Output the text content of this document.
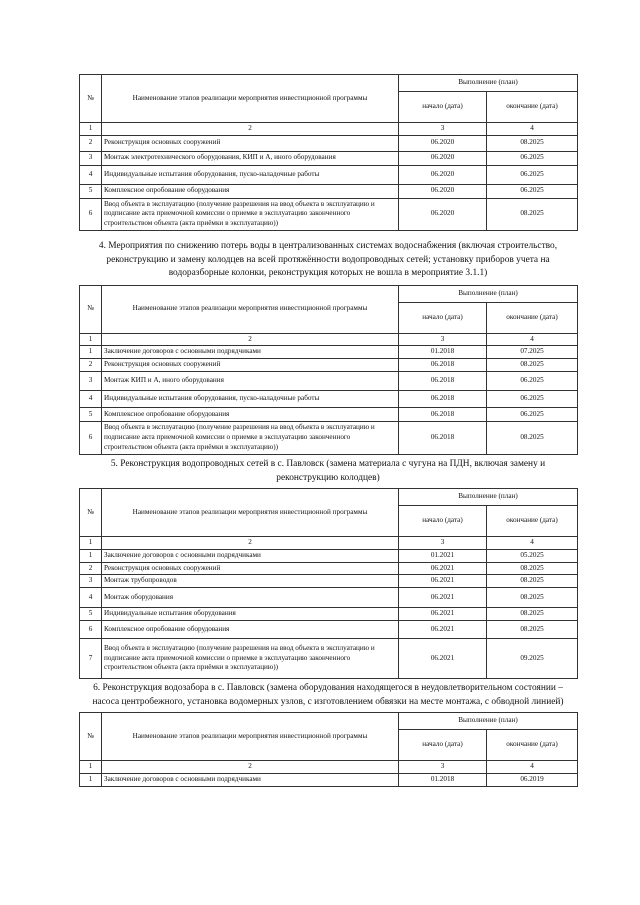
№	Наименование этапов реализации мероприятия инвестиционной программы	Выполнение (план)	
		начало (дата)	окончание (дата)
1	2	3	4
2	Реконструкция основных сооружений	06.2020	08.2025
3	Монтаж электротехнического оборудования, КИП и А, иного оборудования	06.2020	06.2025
4	Индивидуальные испытания оборудования, пуско-наладочные работы	06.2020	06.2025
5	Комплексное опробование оборудования	06.2020	06.2025
6	Ввод объекта в эксплуатацию (получение разрешения на ввод объекта в эксплуатацию и подписание акта приемочной комиссии о приемке в эксплуатацию законченного строительством объекта (акта приёмки в эксплуатацию))	06.2020	08.2025

4. Мероприятия по снижению потерь воды в централизованных системах водоснабжения (включая строительство, реконструкцию и замену колодцев на всей протяжённости водопроводных сетей; установку приборов учета на водоразборные колонки, реконструкция которых не вошла в мероприятие 3.1.1)

№	Наименование этапов реализации мероприятия инвестиционной программы	Выполнение (план)	
		начало (дата)	окончание (дата)
1	2	3	4
1	Заключение договоров с основными подрядчиками	01.2018	07.2025
2	Реконструкция основных сооружений	06.2018	08.2025
3	Монтаж КИП и А, иного оборудования	06.2018	06.2025
4	Индивидуальные испытания оборудования, пуско-наладочные работы	06.2018	06.2025
5	Комплексное опробование оборудования	06.2018	06.2025
6	Ввод объекта в эксплуатацию (получение разрешения на ввод объекта в эксплуатацию и подписание акта приемочной комиссии о приемке в эксплуатацию законченного строительством объекта (акта приёмки в эксплуатацию))	06.2018	08.2025

5. Реконструкция водопроводных сетей в с. Павловск (замена материала с чугуна на ПДН, включая замену и реконструкцию колодцев)

№	Наименование этапов реализации мероприятия инвестиционной программы	Выполнение (план)	
		начало (дата)	окончание (дата)
1	2	3	4
1	Заключение договоров с основными подрядчиками	01.2021	05.2025
2	Реконструкция основных сооружений	06.2021	08.2025
3	Монтаж трубопроводов	06.2021	08.2025
4	Монтаж оборудования	06.2021	08.2025
5	Индивидуальные испытания оборудования	06.2021	08.2025
6	Комплексное опробование оборудования	06.2021	08.2025
7	Ввод объекта в эксплуатацию (получение разрешения на ввод объекта в эксплуатацию и подписание акта приемочной комиссии о приемке в эксплуатацию законченного строительством объекта (акта приёмки в эксплуатацию))	06.2021	09.2025

6. Реконструкция водозабора в с. Павловск (замена оборудования находящегося в неудовлетворительном состоянии – насоса центробежного, установка водомерных узлов, с изготовлением обвязки на месте монтажа, с обводной линией)

№	Наименование этапов реализации мероприятия инвестиционной программы	Выполнение (план)	
		начало (дата)	окончание (дата)
1	2	3	4
1	Заключение договоров с основными подрядчиками	01.2018	06.2019
